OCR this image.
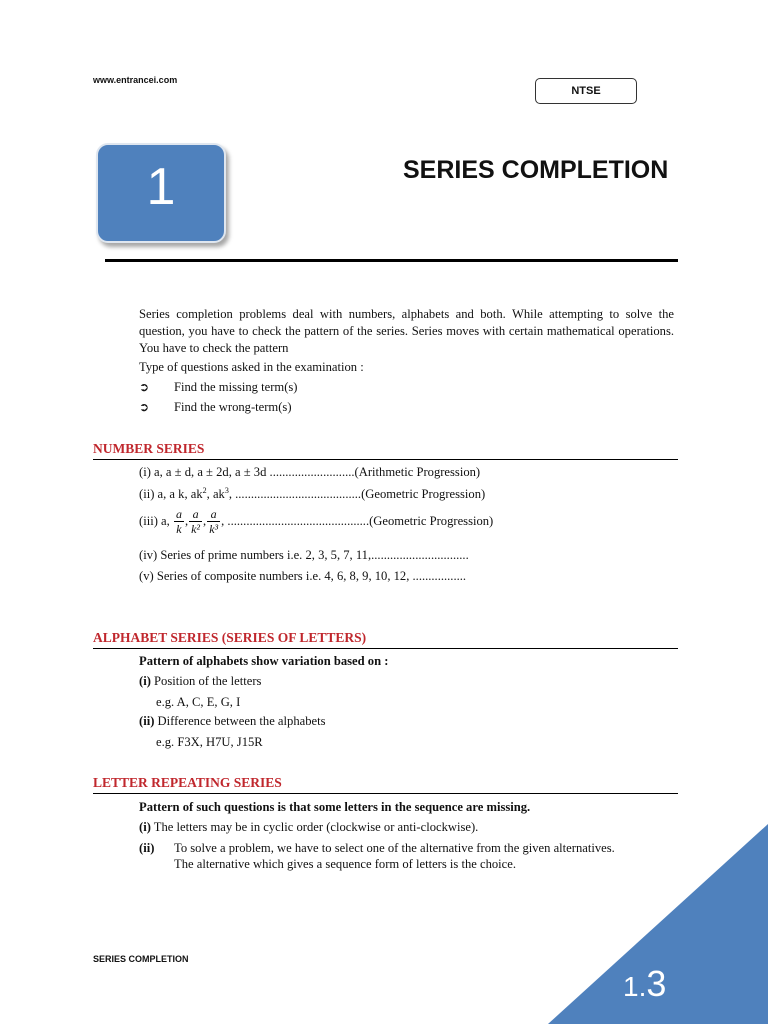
www.entrancei.com
NTSE
1	SERIES COMPLETION
Series completion problems deal with numbers, alphabets and both. While attempting to solve the question, you have to check the pattern of the series. Series moves with certain mathematical operations. You have to check the pattern
Type of questions asked in the examination :
➲ Find the missing term(s)
➲ Find the wrong-term(s)
NUMBER SERIES
(i) a, a ± d, a ± 2d, a ± 3d ...........................(Arithmetic Progression)
(ii) a, a k, $ak^2$, $ak^3$, ........................................(Geometric Progression)
(iii) a, $\frac{a}{k}$ , $\frac{a}{\text{k²}}$ , $\frac{a}{\text{k³}}$ , .............................................(Geometric Progression)
(iv) Series of prime numbers i.e. 2, 3, 5, 7, 11,...............................
(v) Series of composite numbers i.e. 4, 6, 8, 9, 10, 12, .................
ALPHABET SERIES (SERIES OF LETTERS)
Pattern of alphabets show variation based on :
(i) Position of the letters
e.g. A, C, E, G, I
(ii) Difference between the alphabets
e.g. F3X, H7U, J15R
LETTER REPEATING SERIES
Pattern of such questions is that some letters in the sequence are missing.
(i) The letters may be in cyclic order (clockwise or anti-clockwise).
(ii) To solve a problem, we have to select one of the alternative from the given alternatives.
The alternative which gives a sequence form of letters is the choice.
SERIES COMPLETION
1.3
